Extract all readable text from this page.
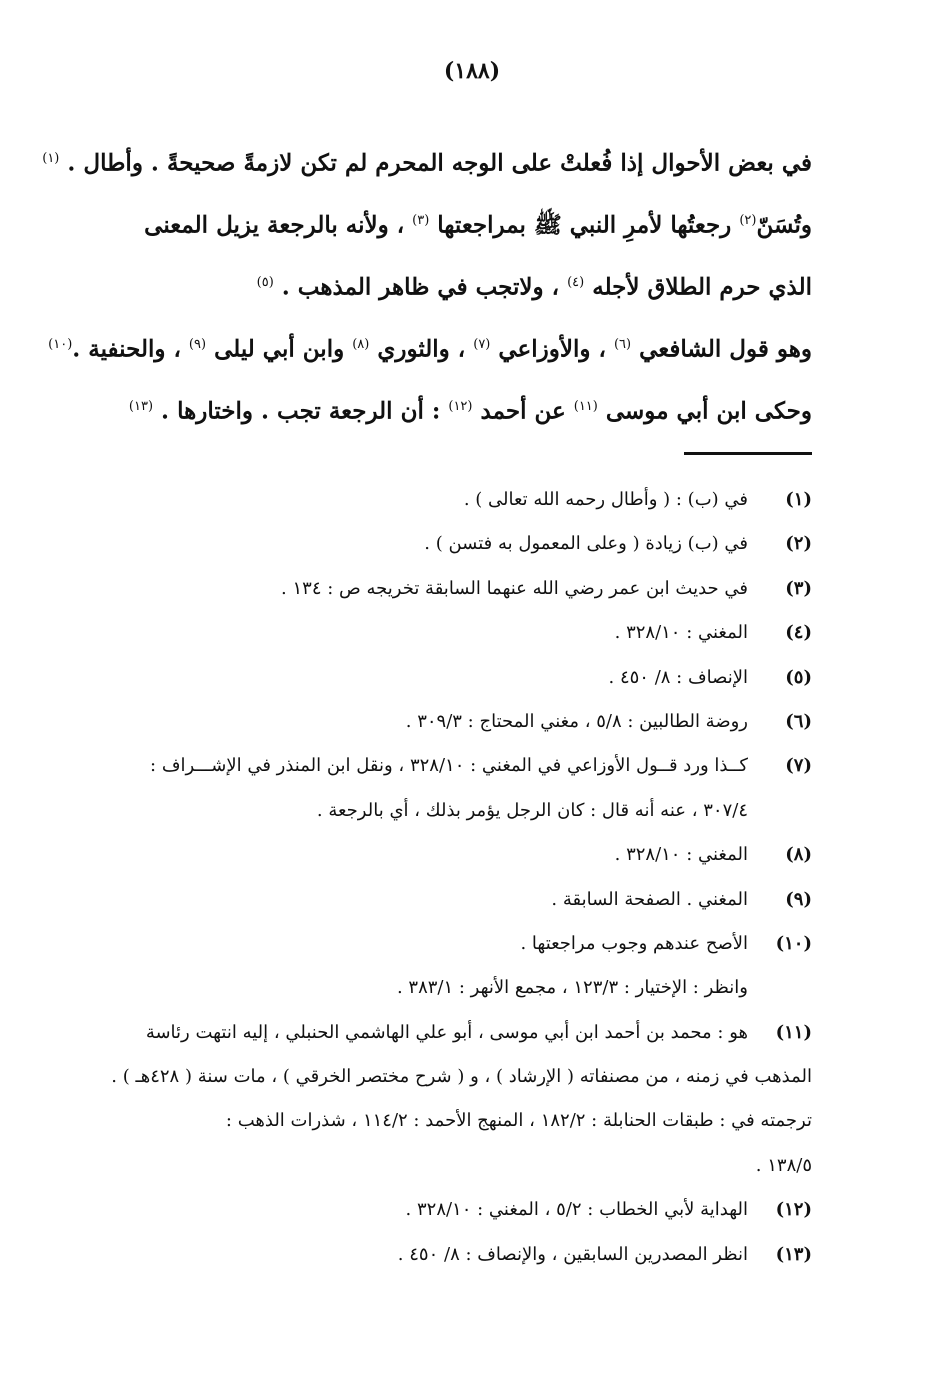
(١٨٨)
في بعض الأحوال إذا فُعلتْ على الوجه المحرم لم تكن لازمةً صحيحةً . وأطال . $^{(١)}$
وتُسَنّ$^{(٢)}$ رجعتُها لأمرِ النبي ﷺ بمراجعتها $^{(٣)}$ ، ولأنه بالرجعة يزيل المعنى
الذي حرم الطلاق لأجله $^{(٤)}$ ، ولاتجب في ظاهر المذهب . $^{(٥)}$
وهو قول الشافعي $^{(٦)}$ ، والأوزاعي $^{(٧)}$ ، والثوري $^{(٨)}$ وابن أبي ليلى $^{(٩)}$ ، والحنفية .$^{(١٠)}$
وحكى ابن أبي موسى $^{(١١)}$ عن أحمد $^{(١٢)}$ : أن الرجعة تجب . واختارها . $^{(١٣)}$
(١)
في (ب) : ( وأطال رحمه الله تعالى ) .
(٢)
في (ب) زيادة ( وعلى المعمول به فتسن ) .
(٣)
في حديث ابن عمر رضي الله عنهما السابقة تخريجه ص : ١٣٤ .
(٤)
المغني : ٣٢٨/١٠ .
(٥)
الإنصاف : ٨/ ٤٥٠ .
(٦)
روضة الطالبين : ٥/٨ ، مغني المحتاج : ٣٠٩/٣ .
(٧)
كــذا ورد قــول الأوزاعي في المغني : ٣٢٨/١٠ ، ونقل ابن المنذر في الإشـــراف :
٣٠٧/٤ ، عنه أنه قال : كان الرجل يؤمر بذلك ، أي بالرجعة .
(٨)
المغني : ٣٢٨/١٠ .
(٩)
المغني . الصفحة السابقة .
(١٠)
الأصح عندهم وجوب مراجعتها .
وانظر : الإختيار : ١٢٣/٣ ، مجمع الأنهر : ٣٨٣/١ .
(١١)
هو : محمد بن أحمد ابن أبي موسى ، أبو علي الهاشمي الحنبلي ، إليه انتهت رئاسة
المذهب في زمنه ، من مصنفاته ( الإرشاد ) ، و ( شرح مختصر الخرقي ) ، مات سنة ( ٤٢٨هـ ) .
ترجمته في : طبقات الحنابلة : ١٨٢/٢ ، المنهج الأحمد : ١١٤/٢ ، شذرات الذهب :
١٣٨/٥ .
(١٢)
الهداية لأبي الخطاب : ٥/٢ ، المغني : ٣٢٨/١٠ .
(١٣)
انظر المصدرين السابقين ، والإنصاف : ٨/ ٤٥٠ .
